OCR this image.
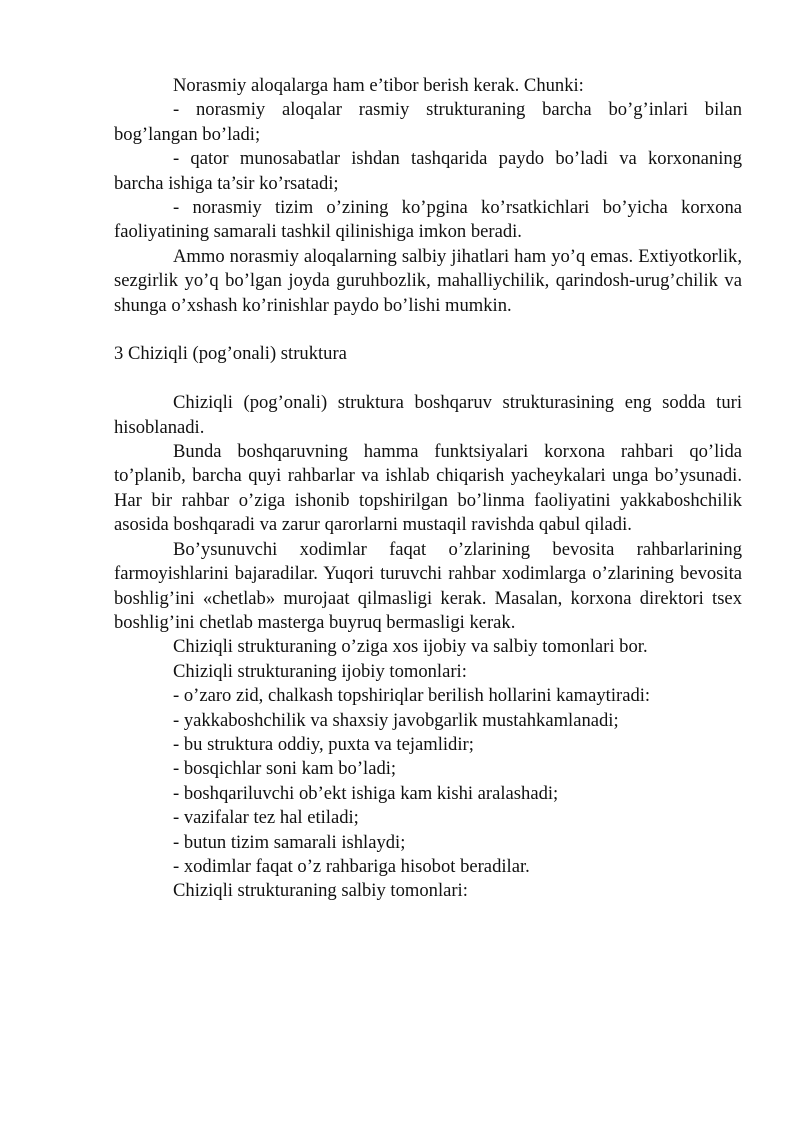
Norasmiy aloqalarga ham e’tibor berish kerak. Chunki:

- norasmiy aloqalar rasmiy strukturaning barcha bo’g’inlari bilan bog’langan bo’ladi;

- qator munosabatlar ishdan tashqarida paydo bo’ladi va korxonaning barcha ishiga ta’sir ko’rsatadi;

- norasmiy tizim o’zining ko’pgina ko’rsatkichlari bo’yicha korxona faoliyatining samarali tashkil qilinishiga imkon beradi.

Ammo norasmiy aloqalarning salbiy jihatlari ham yo’q emas. Extiyotkorlik, sezgirlik yo’q bo’lgan joyda guruhbozlik, mahalliychilik, qarindosh-urug’chilik va shunga o’xshash ko’rinishlar paydo bo’lishi mumkin.

3 Chiziqli (pog’onali) struktura

Chiziqli (pog’onali) struktura boshqaruv strukturasining eng sodda turi hisoblanadi.

Bunda boshqaruvning hamma funktsiyalari korxona rahbari qo’lida to’planib, barcha quyi rahbarlar va ishlab chiqarish yacheykalari unga bo’ysunadi. Har bir rahbar o’ziga ishonib topshirilgan bo’linma faoliyatini yakkaboshchilik asosida boshqaradi va zarur qarorlarni mustaqil ravishda qabul qiladi.

Bo’ysunuvchi xodimlar faqat o’zlarining bevosita rahbarlarining farmoyishlarini bajaradilar. Yuqori turuvchi rahbar xodimlarga o’zlarining bevosita boshlig’ini «chetlab» murojaat qilmasligi kerak. Masalan, korxona direktori tsex boshlig’ini chetlab masterga buyruq bermasligi kerak.

Chiziqli strukturaning o’ziga xos ijobiy va salbiy tomonlari bor.

Chiziqli strukturaning ijobiy tomonlari:

- o’zaro zid, chalkash topshiriqlar berilish hollarini kamaytiradi:

- yakkaboshchilik va shaxsiy javobgarlik mustahkamlanadi;

- bu struktura oddiy, puxta va tejamlidir;

- bosqichlar soni kam bo’ladi;

- boshqariluvchi ob’ekt ishiga kam kishi aralashadi;

- vazifalar tez hal etiladi;

- butun tizim samarali ishlaydi;

- xodimlar faqat o’z rahbariga hisobot beradilar.

Chiziqli strukturaning salbiy tomonlari:
